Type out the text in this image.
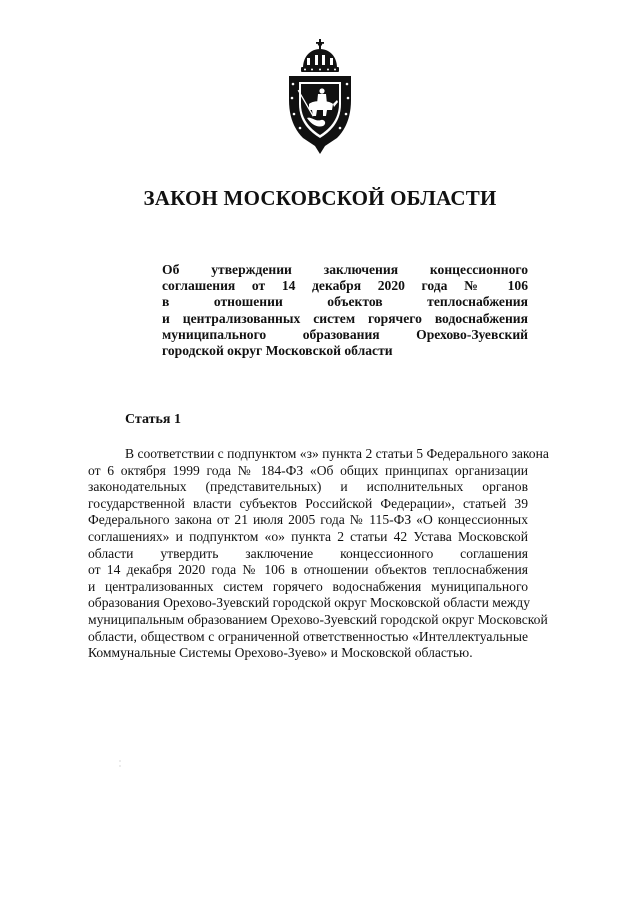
ЗАКОН МОСКОВСКОЙ ОБЛАСТИ

Об утверждении заключения концессионного
соглашения от 14 декабря 2020 года № 106
в отношении объектов теплоснабжения
и централизованных систем горячего водоснабжения
муниципального образования Орехово-Зуевский
городской округ Московской области

Статья 1

В соответствии с подпунктом «з» пункта 2 статьи 5 Федерального закона
от 6 октября 1999 года № 184-ФЗ «Об общих принципах организации
законодательных (представительных) и исполнительных органов
государственной власти субъектов Российской Федерации», статьей 39
Федерального закона от 21 июля 2005 года № 115-ФЗ «О концессионных
соглашениях» и подпунктом «о» пункта 2 статьи 42 Устава Московской
области утвердить заключение концессионного соглашения
от 14 декабря 2020 года № 106 в отношении объектов теплоснабжения
и централизованных систем горячего водоснабжения муниципального
образования Орехово-Зуевский городской округ Московской области между
муниципальным образованием Орехово-Зуевский городской округ Московской
области, обществом с ограниченной ответственностью «Интеллектуальные
Коммунальные Системы Орехово-Зуево» и Московской областью.
